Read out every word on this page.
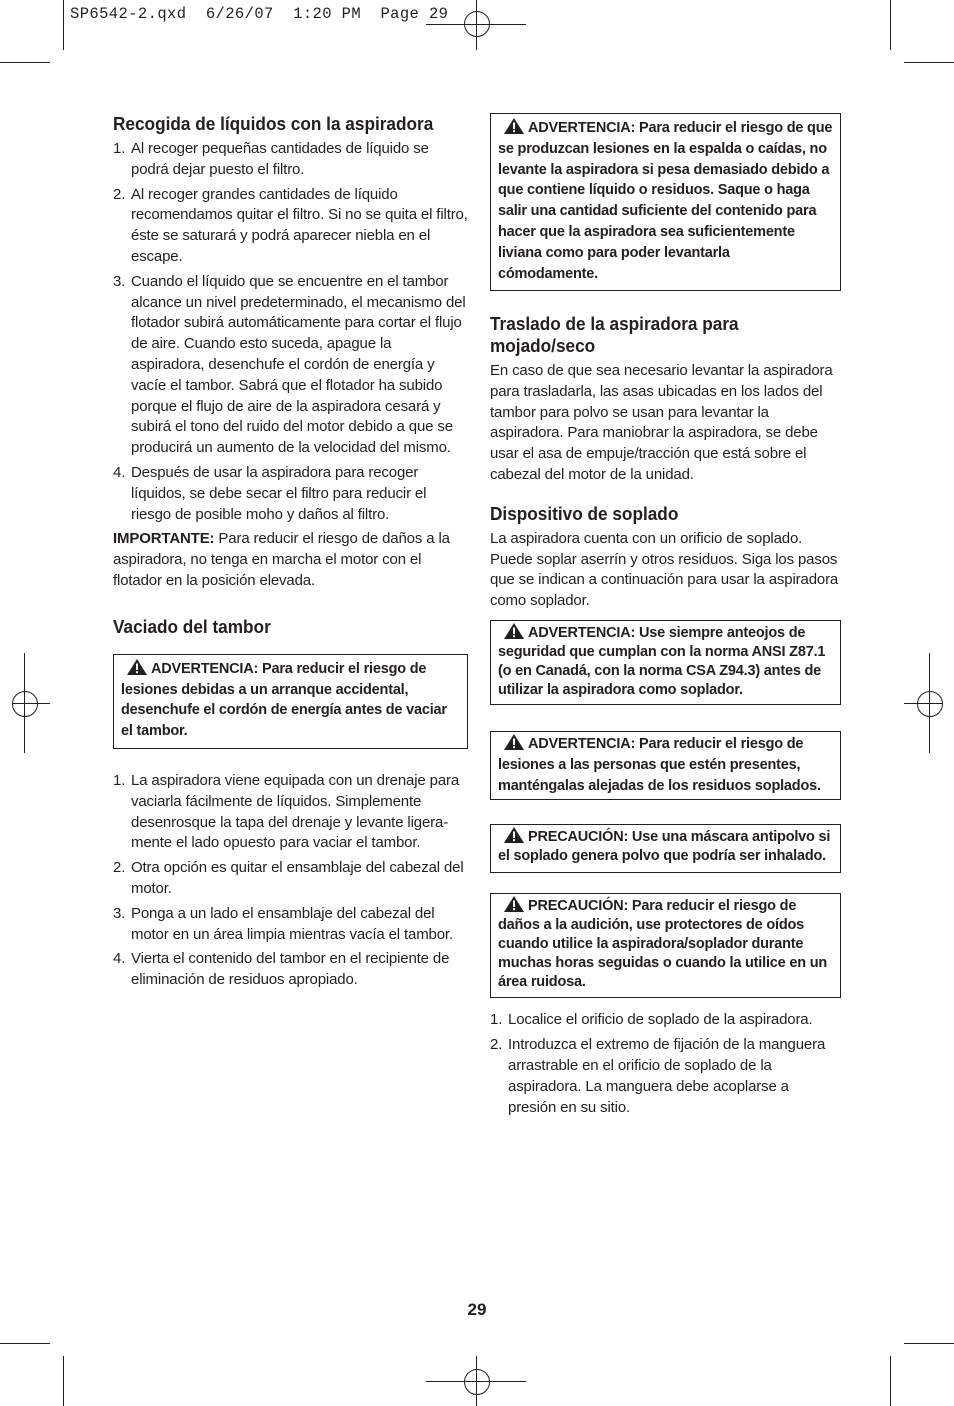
SP6542-2.qxd  6/26/07  1:20 PM  Page 29
Recogida de líquidos con la aspiradora
1. Al recoger pequeñas cantidades de líquido se podrá dejar puesto el filtro.
2. Al recoger grandes cantidades de líquido recomendamos quitar el filtro. Si no se quita el filtro, éste se saturará y podrá aparecer niebla en el escape.
3. Cuando el líquido que se encuentre en el tambor alcance un nivel predeterminado, el mecanismo del flotador subirá automáticamente para cortar el flujo de aire. Cuando esto suceda, apague la aspiradora, desenchufe el cordón de energía y vacíe el tambor. Sabrá que el flotador ha subido porque el flujo de aire de la aspiradora cesará y subirá el tono del ruido del motor debido a que se producirá un aumento de la velocidad del mismo.
4. Después de usar la aspiradora para recoger líquidos, se debe secar el filtro para reducir el riesgo de posible moho y daños al filtro.

IMPORTANTE: Para reducir el riesgo de daños a la aspiradora, no tenga en marcha el motor con el flotador en la posición elevada.

Vaciado del tambor
ADVERTENCIA: Para reducir el riesgo de lesiones debidas a un arranque accidental, desenchufe el cordón de energía antes de vaciar el tambor.
1. La aspiradora viene equipada con un drenaje para vaciarla fácilmente de líquidos. Simplemente desenrosque la tapa del drenaje y levante ligera-mente el lado opuesto para vaciar el tambor.
2. Otra opción es quitar el ensamblaje del cabezal del motor.
3. Ponga a un lado el ensamblaje del cabezal del motor en un área limpia mientras vacía el tambor.
4. Vierta el contenido del tambor en el recipiente de eliminación de residuos apropiado.
ADVERTENCIA: Para reducir el riesgo de que se produzcan lesiones en la espalda o caídas, no levante la aspiradora si pesa demasiado debido a que contiene líquido o residuos. Saque o haga salir una cantidad suficiente del contenido para hacer que la aspiradora sea suficientemente liviana como para poder levantarla cómodamente.
Traslado de la aspiradora para
mojado/seco

En caso de que sea necesario levantar la aspiradora para trasladarla, las asas ubicadas en los lados del tambor para polvo se usan para levantar la aspiradora. Para maniobrar la aspiradora, se debe usar el asa de empuje/tracción que está sobre el cabezal del motor de la unidad.

Dispositivo de soplado

La aspiradora cuenta con un orificio de soplado. Puede soplar aserrín y otros residuos. Siga los pasos que se indican a continuación para usar la aspiradora como soplador.

ADVERTENCIA: Use siempre anteojos de seguridad que cumplan con la norma ANSI Z87.1 (o en Canadá, con la norma CSA Z94.3) antes de utilizar la aspiradora como soplador.
ADVERTENCIA: Para reducir el riesgo de lesiones a las personas que estén presentes, manténgalas alejadas de los residuos soplados.
PRECAUCIÓN: Use una máscara antipolvo si el soplado genera polvo que podría ser inhalado.
PRECAUCIÓN: Para reducir el riesgo de daños a la audición, use protectores de oídos cuando utilice la aspiradora/soplador durante muchas horas seguidas o cuando la utilice en un área ruidosa.
1. Localice el orificio de soplado de la aspiradora.
2. Introduzca el extremo de fijación de la manguera arrastrable en el orificio de soplado de la aspiradora. La manguera debe acoplarse a presión en su sitio.
29
